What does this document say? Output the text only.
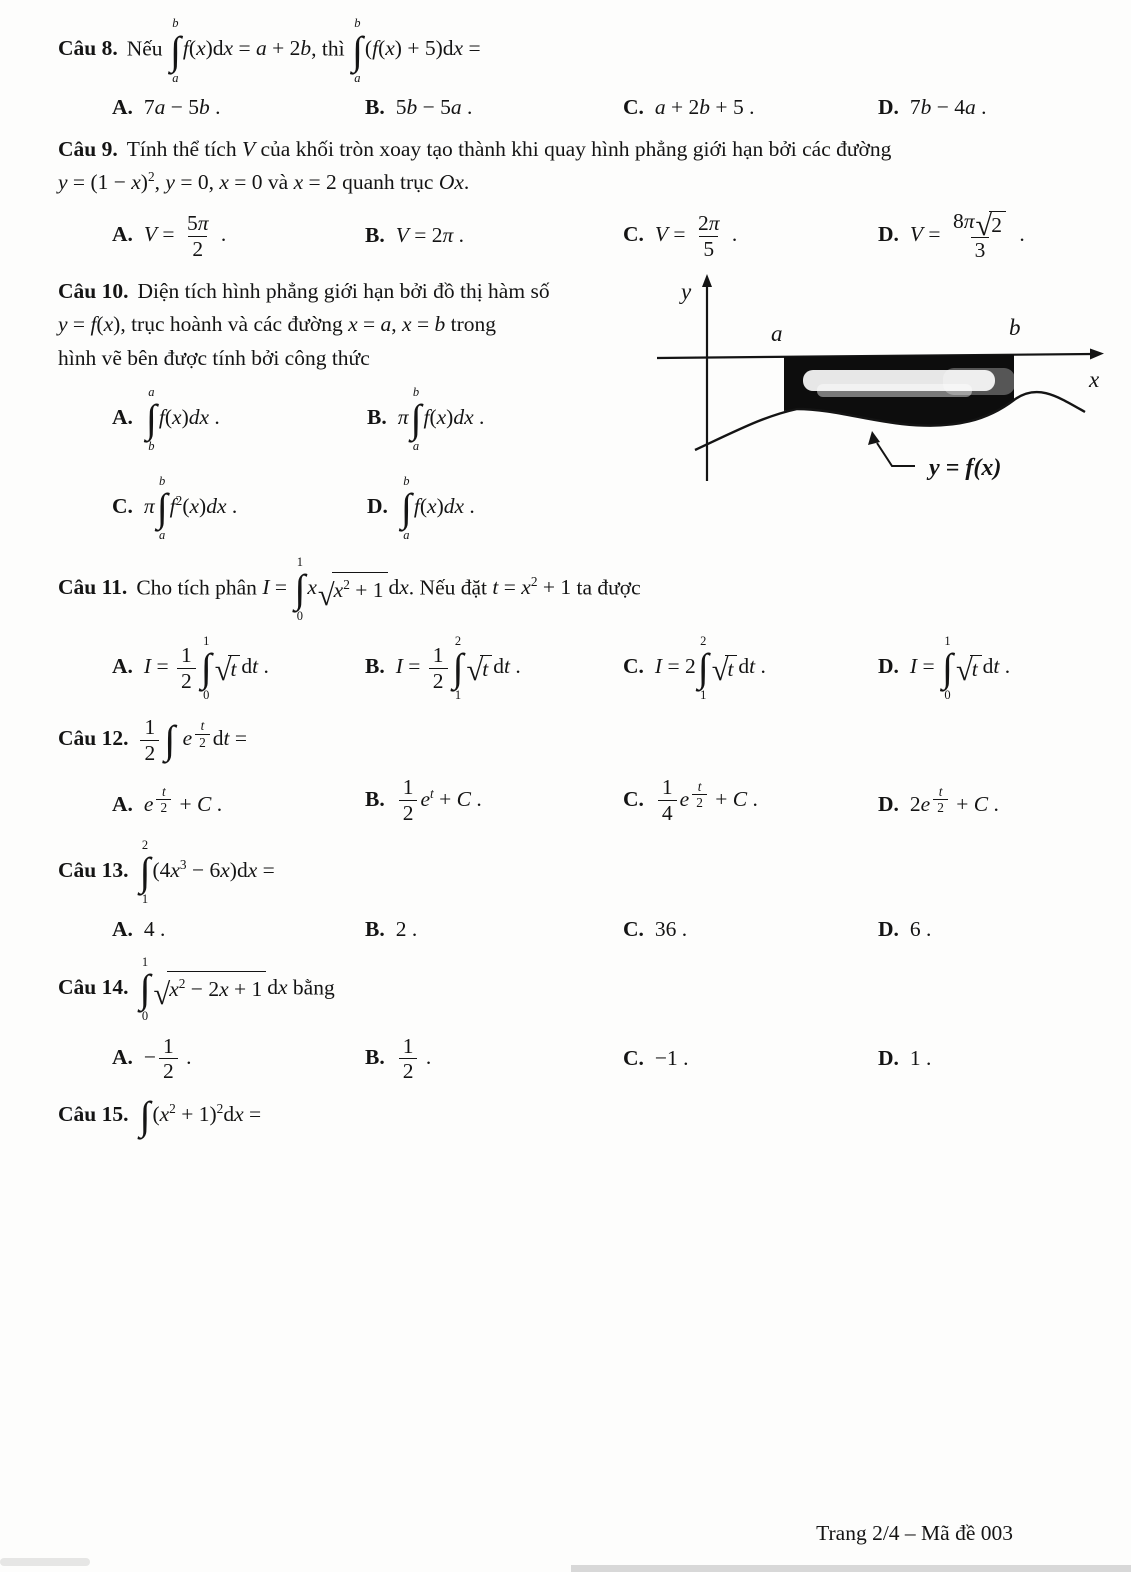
Câu 8. Nếu
b
∫
a
f(x)dx = a + 2b, thì
b
∫
a
(f(x) + 5)dx =
A. 7a − 5b .	B. 5b − 5a .	C. a + 2b + 5 .	D. 7b − 4a .
Câu 9. Tính thể tích V của khối tròn xoay tạo thành khi quay hình phẳng giới hạn bởi các đường
y = (1 − x)2, y = 0, x = 0 và x = 2 quanh trục Ox.
A. $V = \frac{5\pi}{2}$ .	B. V = 2π .	C. $V = \frac{2\pi}{5}$ .	D. $V = \frac{8\pi √ 2}{3}$ .
Câu 10. Diện tích hình phẳng giới hạn bởi đồ thị hàm số
y = f(x), trục hoành và các đường x = a, x = b trong
hình vẽ bên được tính bởi công thức
y
x
a	b
y = f(x)
A.
a
∫
b
f(x)dx .	B. π
b
∫
a
f(x)dx .
C. π
b
∫
a
f2(x)dx .	D.
b
∫
a
f(x)dx .
Câu 11. Cho tích phân I =
1
∫
0
x √ x2 + 1 dx. Nếu đặt t = x2 + 1 ta được
A. $I = \frac{1}{2}$
1
∫
0
√ t dt .	B. $I = \frac{1}{2}$
2
∫
1
√ t dt .	C. I = 2
2
∫
1
√ t dt .	D. I =
1
∫
0
√ t dt .
Câu 12. $\frac{1}{2}$ ∫ e $\frac{t}{2}$ dt =
A. e $\frac{t}{2} + C$ .	B. $\frac{1}{2}$ et + C .	C. $\frac{1}{4}$ e $\frac{t}{2} + C$ .	D. $2e \frac{t}{2} + C$ .
Câu 13.
2
∫
1
(4x3 − 6x)dx =
A. 4 .	B. 2 .	C. 36 .	D. 6 .
Câu 14.
1
∫
0
√ x2 − 2x + 1 dx bằng
A. − $\frac{1}{2}$ .	B. $\frac{1}{2}$ .	C. −1 .	D. 1 .
Câu 15. ∫ (x2 + 1)2dx =
Trang 2/4 – Mã đề 003
